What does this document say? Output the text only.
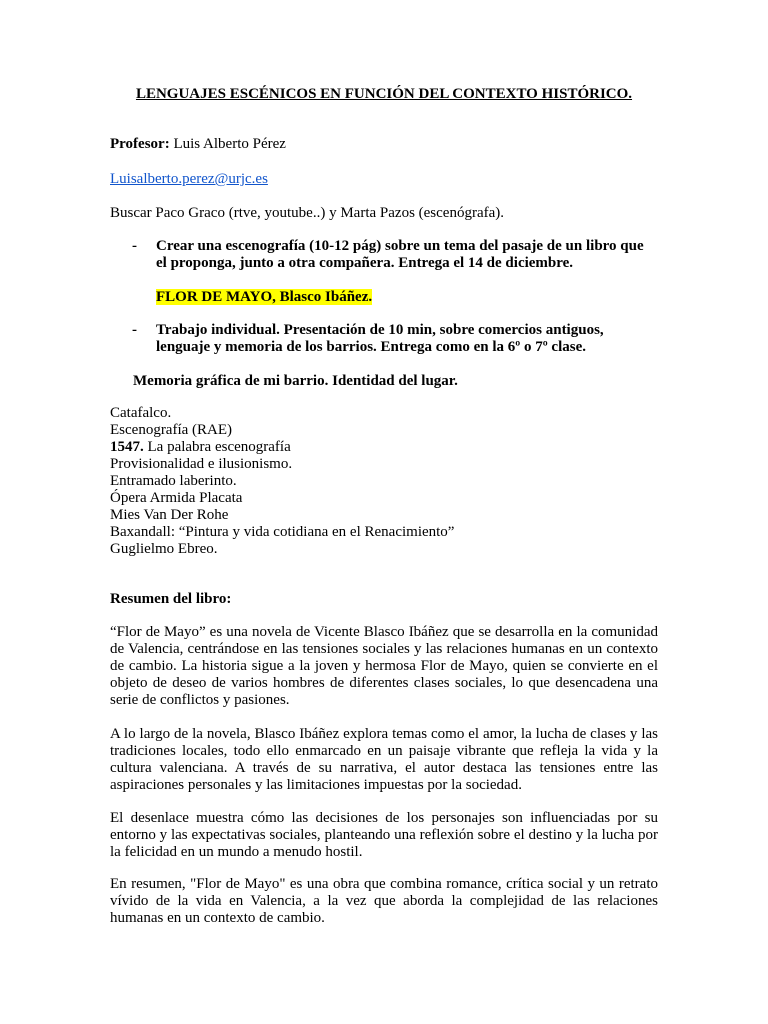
LENGUAJES ESCÉNICOS EN FUNCIÓN DEL CONTEXTO HISTÓRICO.
Profesor: Luis Alberto Pérez
Luisalberto.perez@urjc.es
Buscar Paco Graco (rtve, youtube..) y Marta Pazos (escenógrafa).
- Crear una escenografía (10-12 pág) sobre un tema del pasaje de un libro que el proponga, junto a otra compañera. Entrega el 14 de diciembre.
FLOR DE MAYO, Blasco Ibáñez.
- Trabajo individual. Presentación de 10 min, sobre comercios antiguos, lenguaje y memoria de los barrios. Entrega como en la 6º o 7º clase.
Memoria gráfica de mi barrio. Identidad del lugar.
Catafalco.
Escenografía (RAE)
1547. La palabra escenografía
Provisionalidad e ilusionismo.
Entramado laberinto.
Ópera Armida Placata
Mies Van Der Rohe
Baxandall: “Pintura y vida cotidiana en el Renacimiento”
Guglielmo Ebreo.
Resumen del libro:
“Flor de Mayo” es una novela de Vicente Blasco Ibáñez que se desarrolla en la comunidad de Valencia, centrándose en las tensiones sociales y las relaciones humanas en un contexto de cambio. La historia sigue a la joven y hermosa Flor de Mayo, quien se convierte en el objeto de deseo de varios hombres de diferentes clases sociales, lo que desencadena una serie de conflictos y pasiones.
A lo largo de la novela, Blasco Ibáñez explora temas como el amor, la lucha de clases y las tradiciones locales, todo ello enmarcado en un paisaje vibrante que refleja la vida y la cultura valenciana. A través de su narrativa, el autor destaca las tensiones entre las aspiraciones personales y las limitaciones impuestas por la sociedad.
El desenlace muestra cómo las decisiones de los personajes son influenciadas por su entorno y las expectativas sociales, planteando una reflexión sobre el destino y la lucha por la felicidad en un mundo a menudo hostil.
En resumen, "Flor de Mayo" es una obra que combina romance, crítica social y un retrato vívido de la vida en Valencia, a la vez que aborda la complejidad de las relaciones humanas en un contexto de cambio.
